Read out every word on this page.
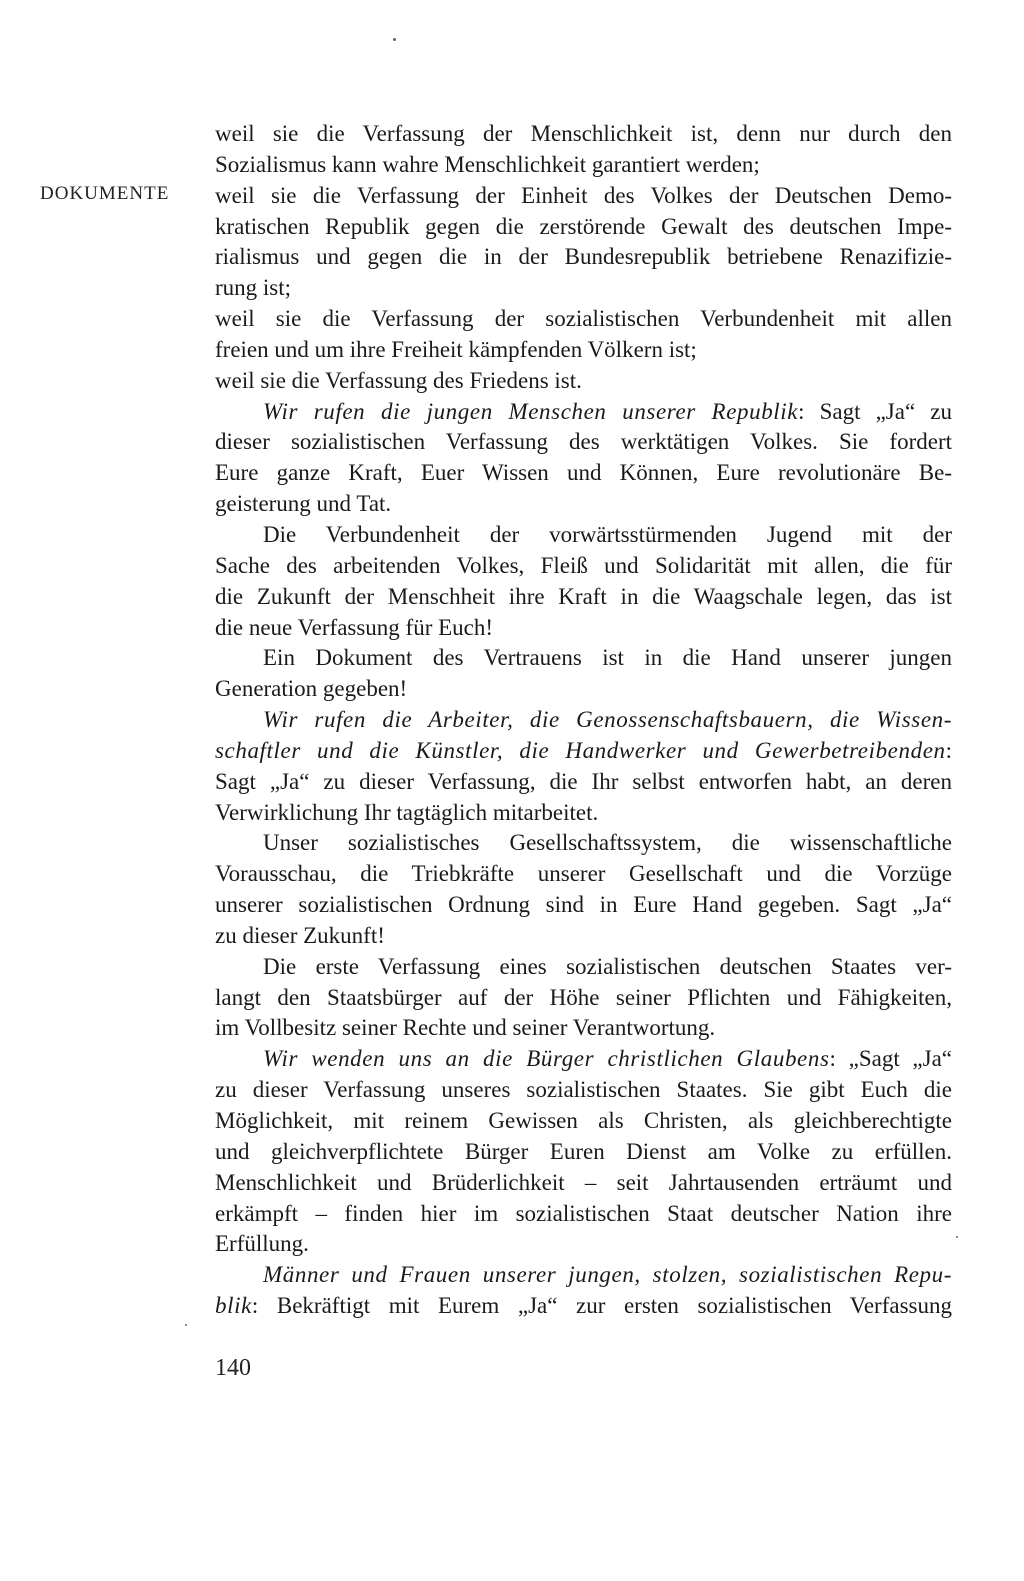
DOKUMENTE
weil sie die Verfassung der Menschlichkeit ist, denn nur durch den
Sozialismus kann wahre Menschlichkeit garantiert werden;
weil sie die Verfassung der Einheit des Volkes der Deutschen Demo-
kratischen Republik gegen die zerstörende Gewalt des deutschen Impe-
rialismus und gegen die in der Bundesrepublik betriebene Renazifizie-
rung ist;
weil sie die Verfassung der sozialistischen Verbundenheit mit allen
freien und um ihre Freiheit kämpfenden Völkern ist;
weil sie die Verfassung des Friedens ist.
Wir rufen die jungen Menschen unserer Republik: Sagt „Ja“ zu
dieser sozialistischen Verfassung des werktätigen Volkes. Sie fordert
Eure ganze Kraft, Euer Wissen und Können, Eure revolutionäre Be-
geisterung und Tat.
Die Verbundenheit der vorwärtsstürmenden Jugend mit der
Sache des arbeitenden Volkes, Fleiß und Solidarität mit allen, die für
die Zukunft der Menschheit ihre Kraft in die Waagschale legen, das ist
die neue Verfassung für Euch!
Ein Dokument des Vertrauens ist in die Hand unserer jungen
Generation gegeben!
Wir rufen die Arbeiter, die Genossenschaftsbauern, die Wissen-
schaftler und die Künstler, die Handwerker und Gewerbetreibenden:
Sagt „Ja“ zu dieser Verfassung, die Ihr selbst entworfen habt, an deren
Verwirklichung Ihr tagtäglich mitarbeitet.
Unser sozialistisches Gesellschaftssystem, die wissenschaftliche
Vorausschau, die Triebkräfte unserer Gesellschaft und die Vorzüge
unserer sozialistischen Ordnung sind in Eure Hand gegeben. Sagt „Ja“
zu dieser Zukunft!
Die erste Verfassung eines sozialistischen deutschen Staates ver-
langt den Staatsbürger auf der Höhe seiner Pflichten und Fähigkeiten,
im Vollbesitz seiner Rechte und seiner Verantwortung.
Wir wenden uns an die Bürger christlichen Glaubens: „Sagt „Ja“
zu dieser Verfassung unseres sozialistischen Staates. Sie gibt Euch die
Möglichkeit, mit reinem Gewissen als Christen, als gleichberechtigte
und gleichverpflichtete Bürger Euren Dienst am Volke zu erfüllen.
Menschlichkeit und Brüderlichkeit – seit Jahrtausenden erträumt und
erkämpft – finden hier im sozialistischen Staat deutscher Nation ihre
Erfüllung.
Männer und Frauen unserer jungen, stolzen, sozialistischen Repu-
blik: Bekräftigt mit Eurem „Ja“ zur ersten sozialistischen Verfassung
140
